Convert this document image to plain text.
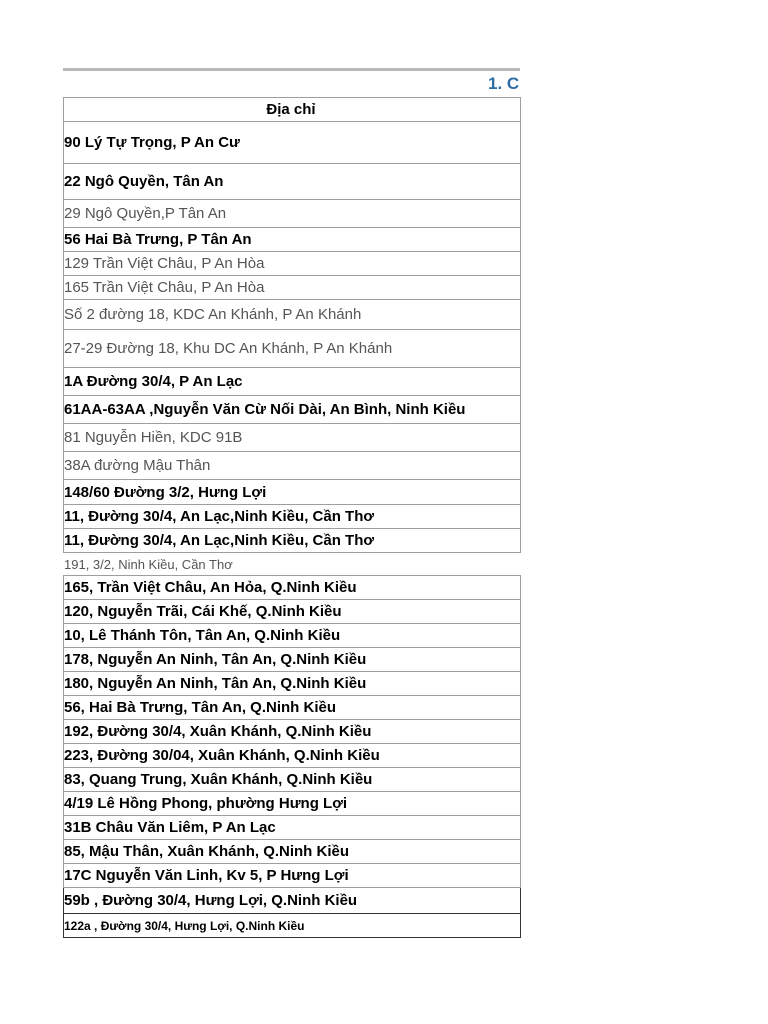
1. C
Địa chỉ
90 Lý Tự Trọng, P An Cư
22 Ngô Quyền, Tân An
29 Ngô Quyền,P Tân An
56 Hai Bà Trưng, P Tân An
129 Trần Việt Châu, P An Hòa
165 Trần Việt Châu, P An Hòa
Số 2 đường 18, KDC An Khánh, P An Khánh
27-29 Đường 18, Khu DC An Khánh, P An Khánh
1A Đường 30/4, P An Lạc
61AA-63AA ,Nguyễn Văn Cừ Nối Dài, An Bình, Ninh Kiều
81 Nguyễn Hiền, KDC 91B
38A đường Mậu Thân
148/60 Đường 3/2, Hưng Lợi
11, Đường 30/4, An Lạc,Ninh Kiều, Cần Thơ
11, Đường 30/4, An Lạc,Ninh Kiều, Cần Thơ
191, 3/2, Ninh Kiều, Cần Thơ
165, Trần Việt Châu, An Hỏa, Q.Ninh Kiều
120, Nguyễn Trãi, Cái Khế, Q.Ninh Kiều
10, Lê Thánh Tôn, Tân An, Q.Ninh Kiều
178, Nguyễn An Ninh, Tân An, Q.Ninh Kiều
180, Nguyễn An Ninh, Tân An, Q.Ninh Kiều
56, Hai Bà Trưng, Tân An, Q.Ninh Kiều
192, Đường 30/4, Xuân Khánh, Q.Ninh Kiều
223, Đường 30/04, Xuân Khánh, Q.Ninh Kiều
83, Quang Trung, Xuân Khánh, Q.Ninh Kiều
4/19 Lê Hồng Phong, phường Hưng Lợi
31B Châu Văn Liêm, P An Lạc
85, Mậu Thân, Xuân Khánh, Q.Ninh Kiều
17C Nguyễn Văn Linh, Kv 5, P Hưng Lợi
59b , Đường 30/4, Hưng Lợi, Q.Ninh Kiều
122a , Đường 30/4, Hưng Lợi, Q.Ninh Kiều
